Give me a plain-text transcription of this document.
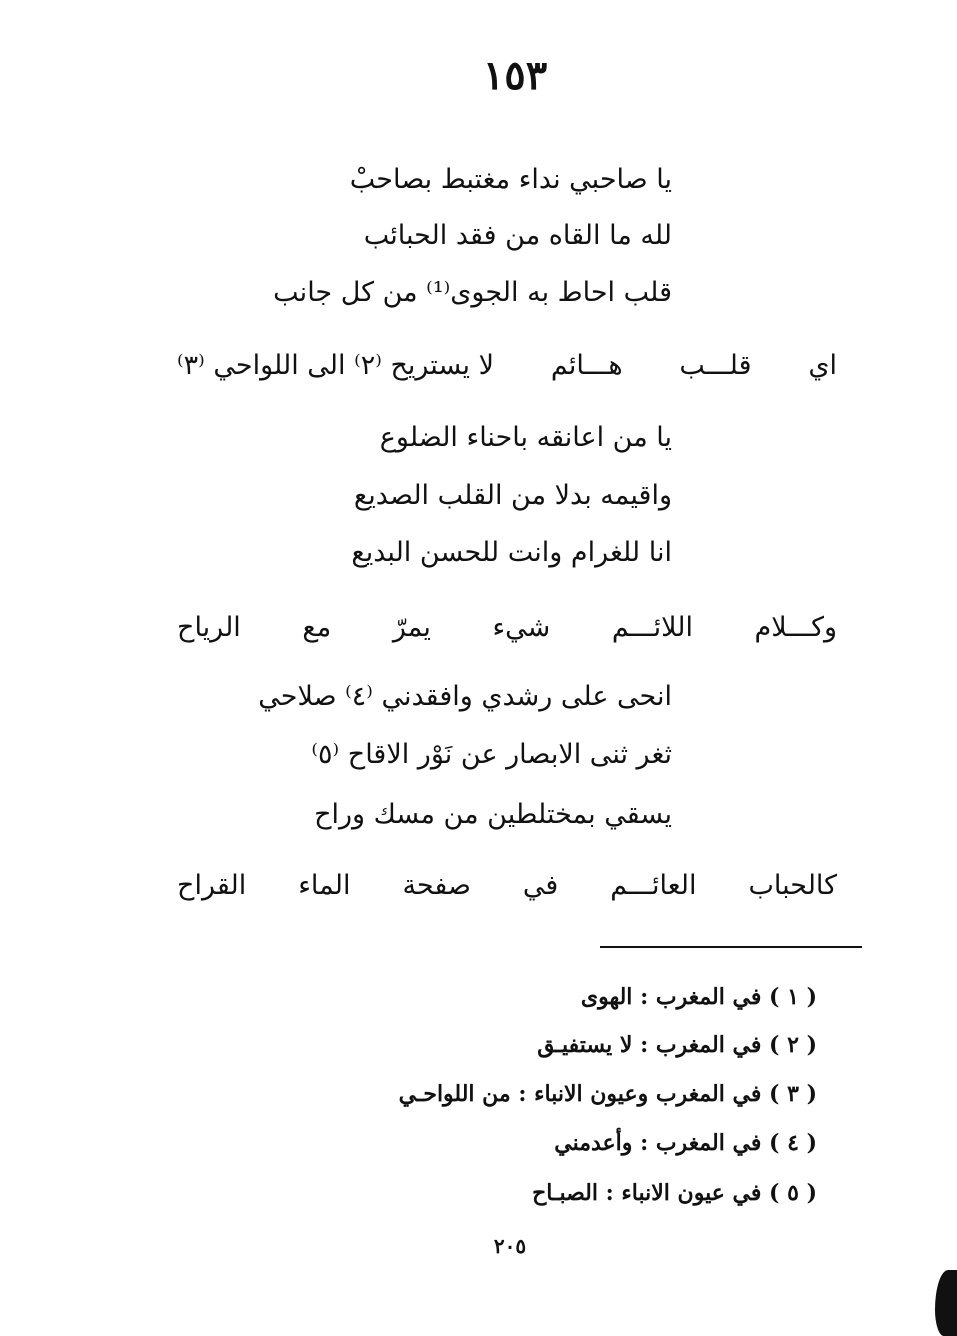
١٥٣
يا صاحبي نداء مغتبط بصاحبْ
لله ما القاه من فقد الحبائب
قلب احاط به الجوى⁽¹⁾ من كل جانب
اي
قلـــب
هـــائم
لا يستريح ⁽٢⁾ الى اللواحي ⁽٣⁾
يا من اعانقه باحناء الضلوع
واقيمه بدلا من القلب الصديع
انا للغرام وانت للحسن البديع
وكـــلام
اللائـــم
شيء
يمرّ
مع
الرياح
انحى على رشدي وافقدني ⁽٤⁾ صلاحي
ثغر ثنى الابصار عن نَوْر الاقاح ⁽٥⁾
يسقي بمختلطين من مسك وراح
كالحباب
العائـــم
في
صفحة
الماء
القراح
( ١ ) في المغرب : الهوى
( ٢ ) في المغرب : لا يستفيـق
( ٣ ) في المغرب وعيون الانباء : من اللواحـي
( ٤ ) في المغرب : وأعدمني
( ٥ ) في عيون الانباء : الصبـاح
٢٠٥
